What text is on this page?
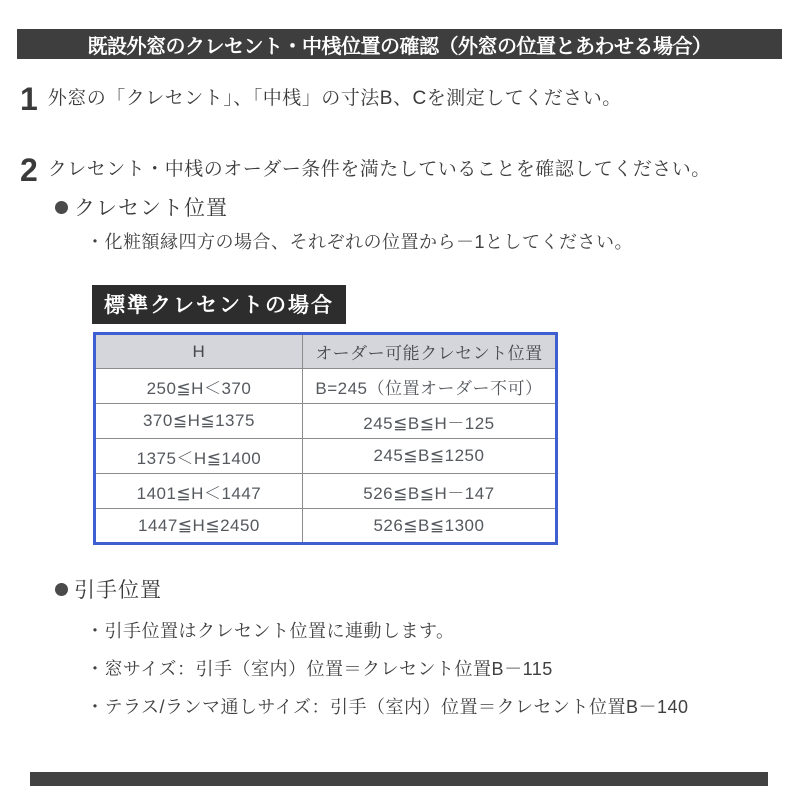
既設外窓のクレセント・中桟位置の確認（外窓の位置とあわせる場合）
1 外窓の「クレセント」、「中桟」の寸法B、Cを測定してください。
2 クレセント・中桟のオーダー条件を満たしていることを確認してください。
クレセント位置
・化粧額縁四方の場合、それぞれの位置から－1としてください。
標準クレセントの場合
H	オーダー可能クレセント位置
250≦H＜370	B=245（位置オーダー不可）
370≦H≦1375	245≦B≦H－125
1375＜H≦1400	245≦B≦1250
1401≦H＜1447	526≦B≦H－147
1447≦H≦2450	526≦B≦1300
引手位置
・引手位置はクレセント位置に連動します。
・窓サイズ：引手（室内）位置＝クレセント位置B－115
・テラス/ランマ通しサイズ：引手（室内）位置＝クレセント位置B－140
